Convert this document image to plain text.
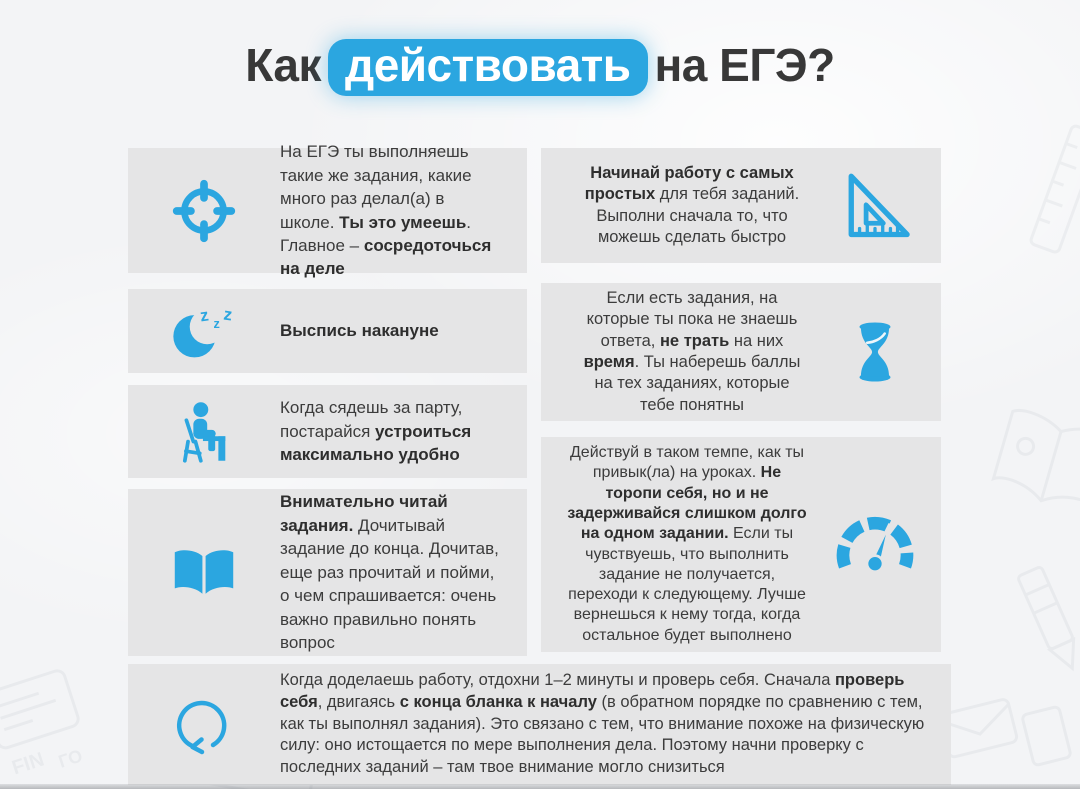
FIN ГО
Как действовать на ЕГЭ?

На ЕГЭ ты выполняешь такие же задания, какие много раз делал(а) в школе. Ты это умеешь. Главное – сосредоточься на деле

z z z

Выспись накануне

Когда сядешь за парту, постарайся устроиться максимально удобно

Внимательно читай задания. Дочитывай задание до конца. Дочитав, еще раз прочитай и пойми, о чем спрашивается: очень важно правильно понять вопрос

Начинай работу с самых простых для тебя заданий. Выполни сначала то, что можешь сделать быстро

Если есть задания, на которые ты пока не знаешь ответа, не трать на них время. Ты наберешь баллы на тех заданиях, которые тебе понятны

Действуй в таком темпе, как ты привык(ла) на уроках. Не торопи себя, но и не задерживайся слишком долго на одном задании. Если ты чувствуешь, что выполнить задание не получается, переходи к следующему. Лучше вернешься к нему тогда, когда остальное будет выполнено

Когда доделаешь работу, отдохни 1–2 минуты и проверь себя. Сначала проверь себя, двигаясь с конца бланка к началу (в обратном порядке по сравнению с тем, как ты выполнял задания). Это связано с тем, что внимание похоже на физическую силу: оно истощается по мере выполнения дела. Поэтому начни проверку с последних заданий – там твое внимание могло снизиться
